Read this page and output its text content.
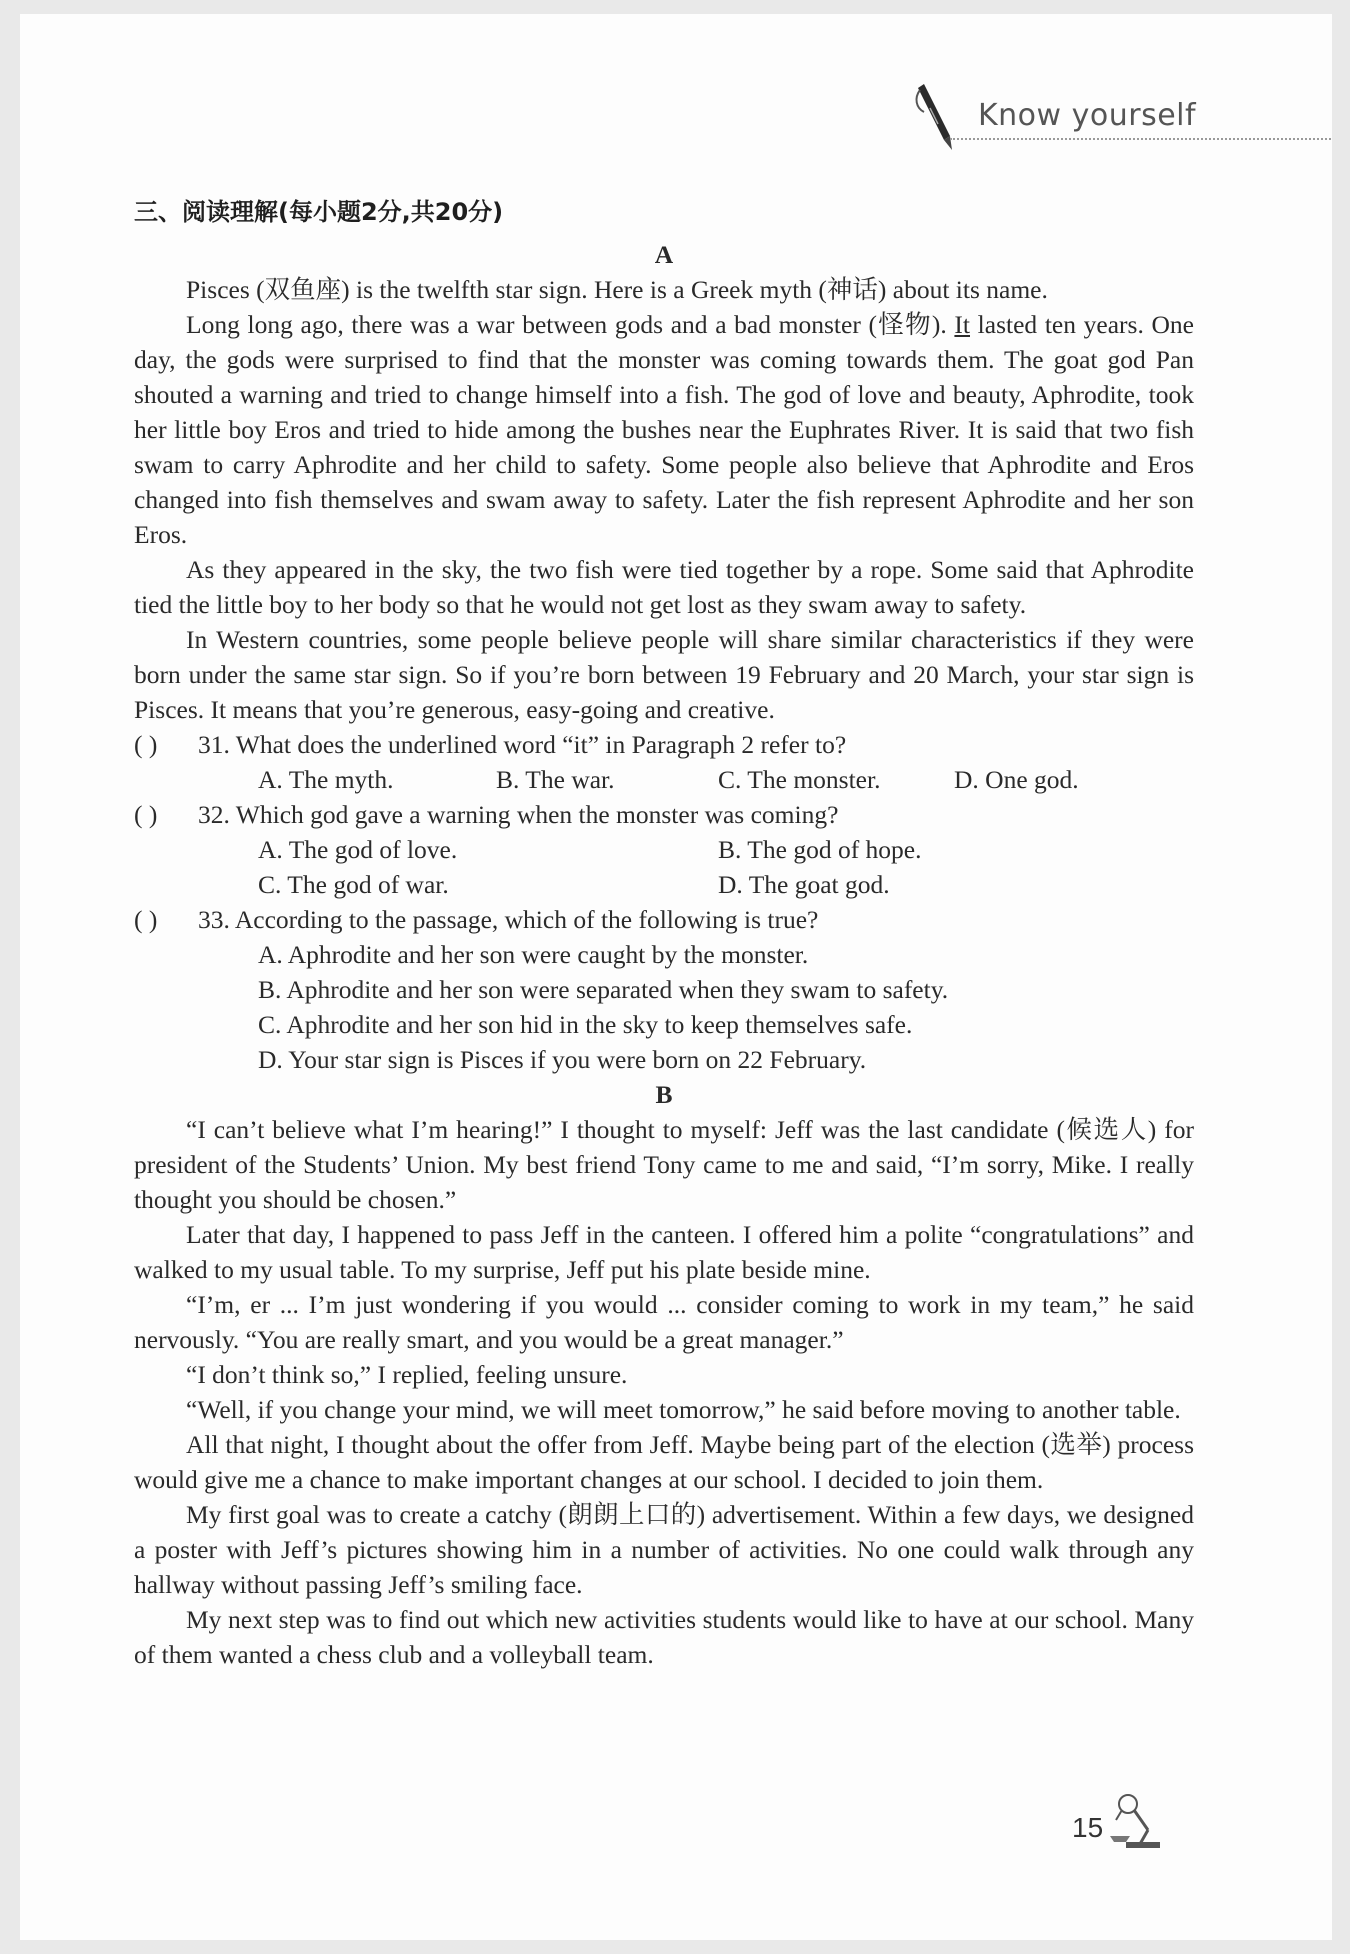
Know yourself
三、阅读理解(每小题2分,共20分)

A

Pisces (双鱼座) is the twelfth star sign. Here is a Greek myth (神话) about its name.

Long long ago, there was a war between gods and a bad monster (怪物). It lasted ten years. One day, the gods were surprised to find that the monster was coming towards them. The goat god Pan shouted a warning and tried to change himself into a fish. The god of love and beauty, Aphrodite, took her little boy Eros and tried to hide among the bushes near the Euphrates River. It is said that two fish swam to carry Aphrodite and her child to safety. Some people also believe that Aphrodite and Eros changed into fish themselves and swam away to safety. Later the fish represent Aphrodite and her son Eros.

As they appeared in the sky, the two fish were tied together by a rope. Some said that Aphrodite tied the little boy to her body so that he would not get lost as they swam away to safety.

In Western countries, some people believe people will share similar characteristics if they were born under the same star sign. So if you’re born between 19 February and 20 March, your star sign is Pisces. It means that you’re generous, easy-going and creative.

( ) 31. What does the underlined word “it” in Paragraph 2 refer to?
A. The myth.	B. The war.	C. The monster.	D. One god.
( ) 32. Which god gave a warning when the monster was coming?
A. The god of love.	B. The god of hope.
C. The god of war.	D. The goat god.
( ) 33. According to the passage, which of the following is true?
A. Aphrodite and her son were caught by the monster.
B. Aphrodite and her son were separated when they swam to safety.
C. Aphrodite and her son hid in the sky to keep themselves safe.
D. Your star sign is Pisces if you were born on 22 February.

B

“I can’t believe what I’m hearing!” I thought to myself: Jeff was the last candidate (候选人) for president of the Students’ Union. My best friend Tony came to me and said, “I’m sorry, Mike. I really thought you should be chosen.”

Later that day, I happened to pass Jeff in the canteen. I offered him a polite “congratulations” and walked to my usual table. To my surprise, Jeff put his plate beside mine.

“I’m, er ... I’m just wondering if you would ... consider coming to work in my team,” he said nervously. “You are really smart, and you would be a great manager.”

“I don’t think so,” I replied, feeling unsure.

“Well, if you change your mind, we will meet tomorrow,” he said before moving to another table.

All that night, I thought about the offer from Jeff. Maybe being part of the election (选举) process would give me a chance to make important changes at our school. I decided to join them.

My first goal was to create a catchy (朗朗上口的) advertisement. Within a few days, we designed a poster with Jeff’s pictures showing him in a number of activities. No one could walk through any hallway without passing Jeff’s smiling face.

My next step was to find out which new activities students would like to have at our school. Many of them wanted a chess club and a volleyball team.

15
